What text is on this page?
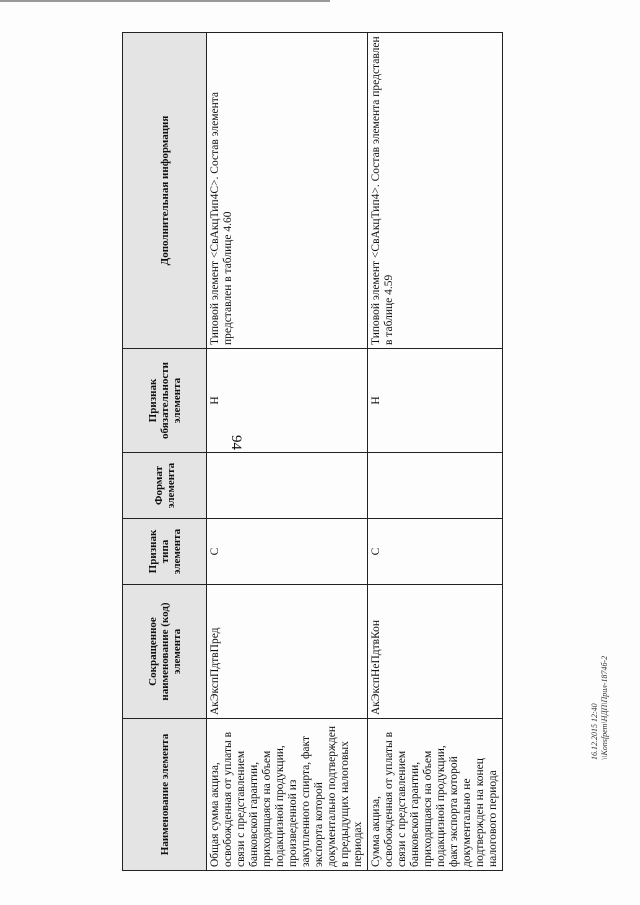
94
16.12.2015 12:40 \\Konsfpem\НДП\Прил-1874б-2
Наименование элемента	Сокращенное наименование (код) элемента	Признак типа элемента	Формат элемента	Признак обязательности элемента	Дополнительная информация
Общая сумма акциза, освобожденная от уплаты в связи с представлением банковской гарантии, приходящаяся на объем подакцизной продукции, произведенной из закупленного спирта, факт экспорта которой документально подтвержден в предыдущих налоговых периодах	АкЭкспПдтвПред	С		Н	Типовой элемент <СвАкцТип4С>. Состав элемента представлен в таблице 4.60
Сумма акциза, освобожденная от уплаты в связи с представлением банковской гарантии, приходящаяся на объем подакцизной продукции, факт экспорта которой документально не подтвержден на конец налогового периода	АкЭкспНеПдтвКон	С		Н	Типовой элемент <СвАкцТип4>. Состав элемента представлен в таблице 4.59
